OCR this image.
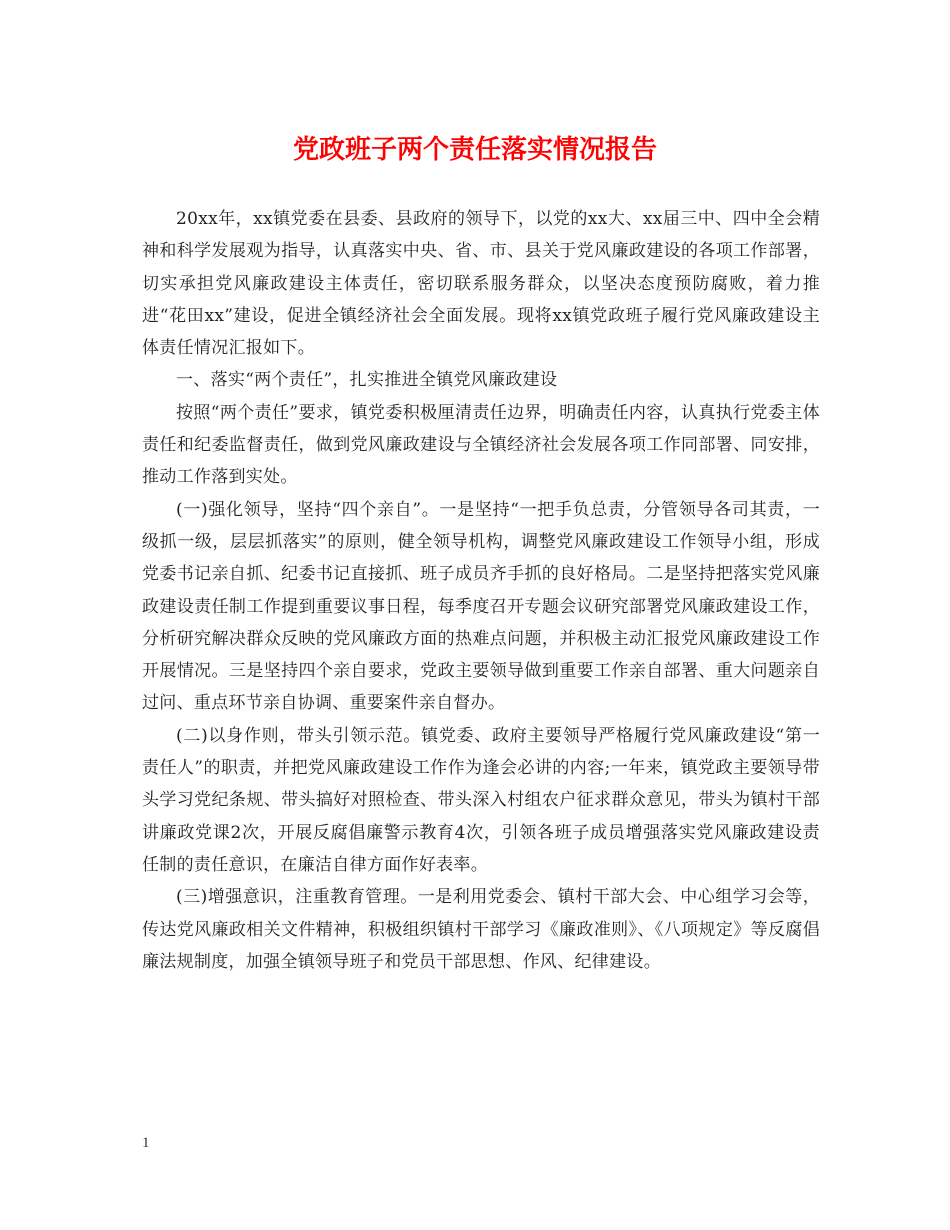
党政班子两个责任落实情况报告

20xx年，xx镇党委在县委、县政府的领导下，以党的xx大、xx届三中、四中全会精神和科学发展观为指导，认真落实中央、省、市、县关于党风廉政建设的各项工作部署，切实承担党风廉政建设主体责任，密切联系服务群众，以坚决态度预防腐败，着力推进“花田xx”建设，促进全镇经济社会全面发展。现将xx镇党政班子履行党风廉政建设主体责任情况汇报如下。

一、落实“两个责任”，扎实推进全镇党风廉政建设

按照“两个责任”要求，镇党委积极厘清责任边界，明确责任内容，认真执行党委主体责任和纪委监督责任，做到党风廉政建设与全镇经济社会发展各项工作同部署、同安排，推动工作落到实处。

(一)强化领导，坚持“四个亲自”。一是坚持“一把手负总责，分管领导各司其责，一级抓一级，层层抓落实”的原则，健全领导机构，调整党风廉政建设工作领导小组，形成党委书记亲自抓、纪委书记直接抓、班子成员齐手抓的良好格局。二是坚持把落实党风廉政建设责任制工作提到重要议事日程，每季度召开专题会议研究部署党风廉政建设工作，分析研究解决群众反映的党风廉政方面的热难点问题，并积极主动汇报党风廉政建设工作开展情况。三是坚持四个亲自要求，党政主要领导做到重要工作亲自部署、重大问题亲自过问、重点环节亲自协调、重要案件亲自督办。

(二)以身作则，带头引领示范。镇党委、政府主要领导严格履行党风廉政建设“第一责任人”的职责，并把党风廉政建设工作作为逢会必讲的内容;一年来，镇党政主要领导带头学习党纪条规、带头搞好对照检查、带头深入村组农户征求群众意见，带头为镇村干部讲廉政党课2次，开展反腐倡廉警示教育4次，引领各班子成员增强落实党风廉政建设责任制的责任意识，在廉洁自律方面作好表率。

(三)增强意识，注重教育管理。一是利用党委会、镇村干部大会、中心组学习会等，传达党风廉政相关文件精神，积极组织镇村干部学习《廉政准则》、《八项规定》等反腐倡廉法规制度，加强全镇领导班子和党员干部思想、作风、纪律建设。

1
